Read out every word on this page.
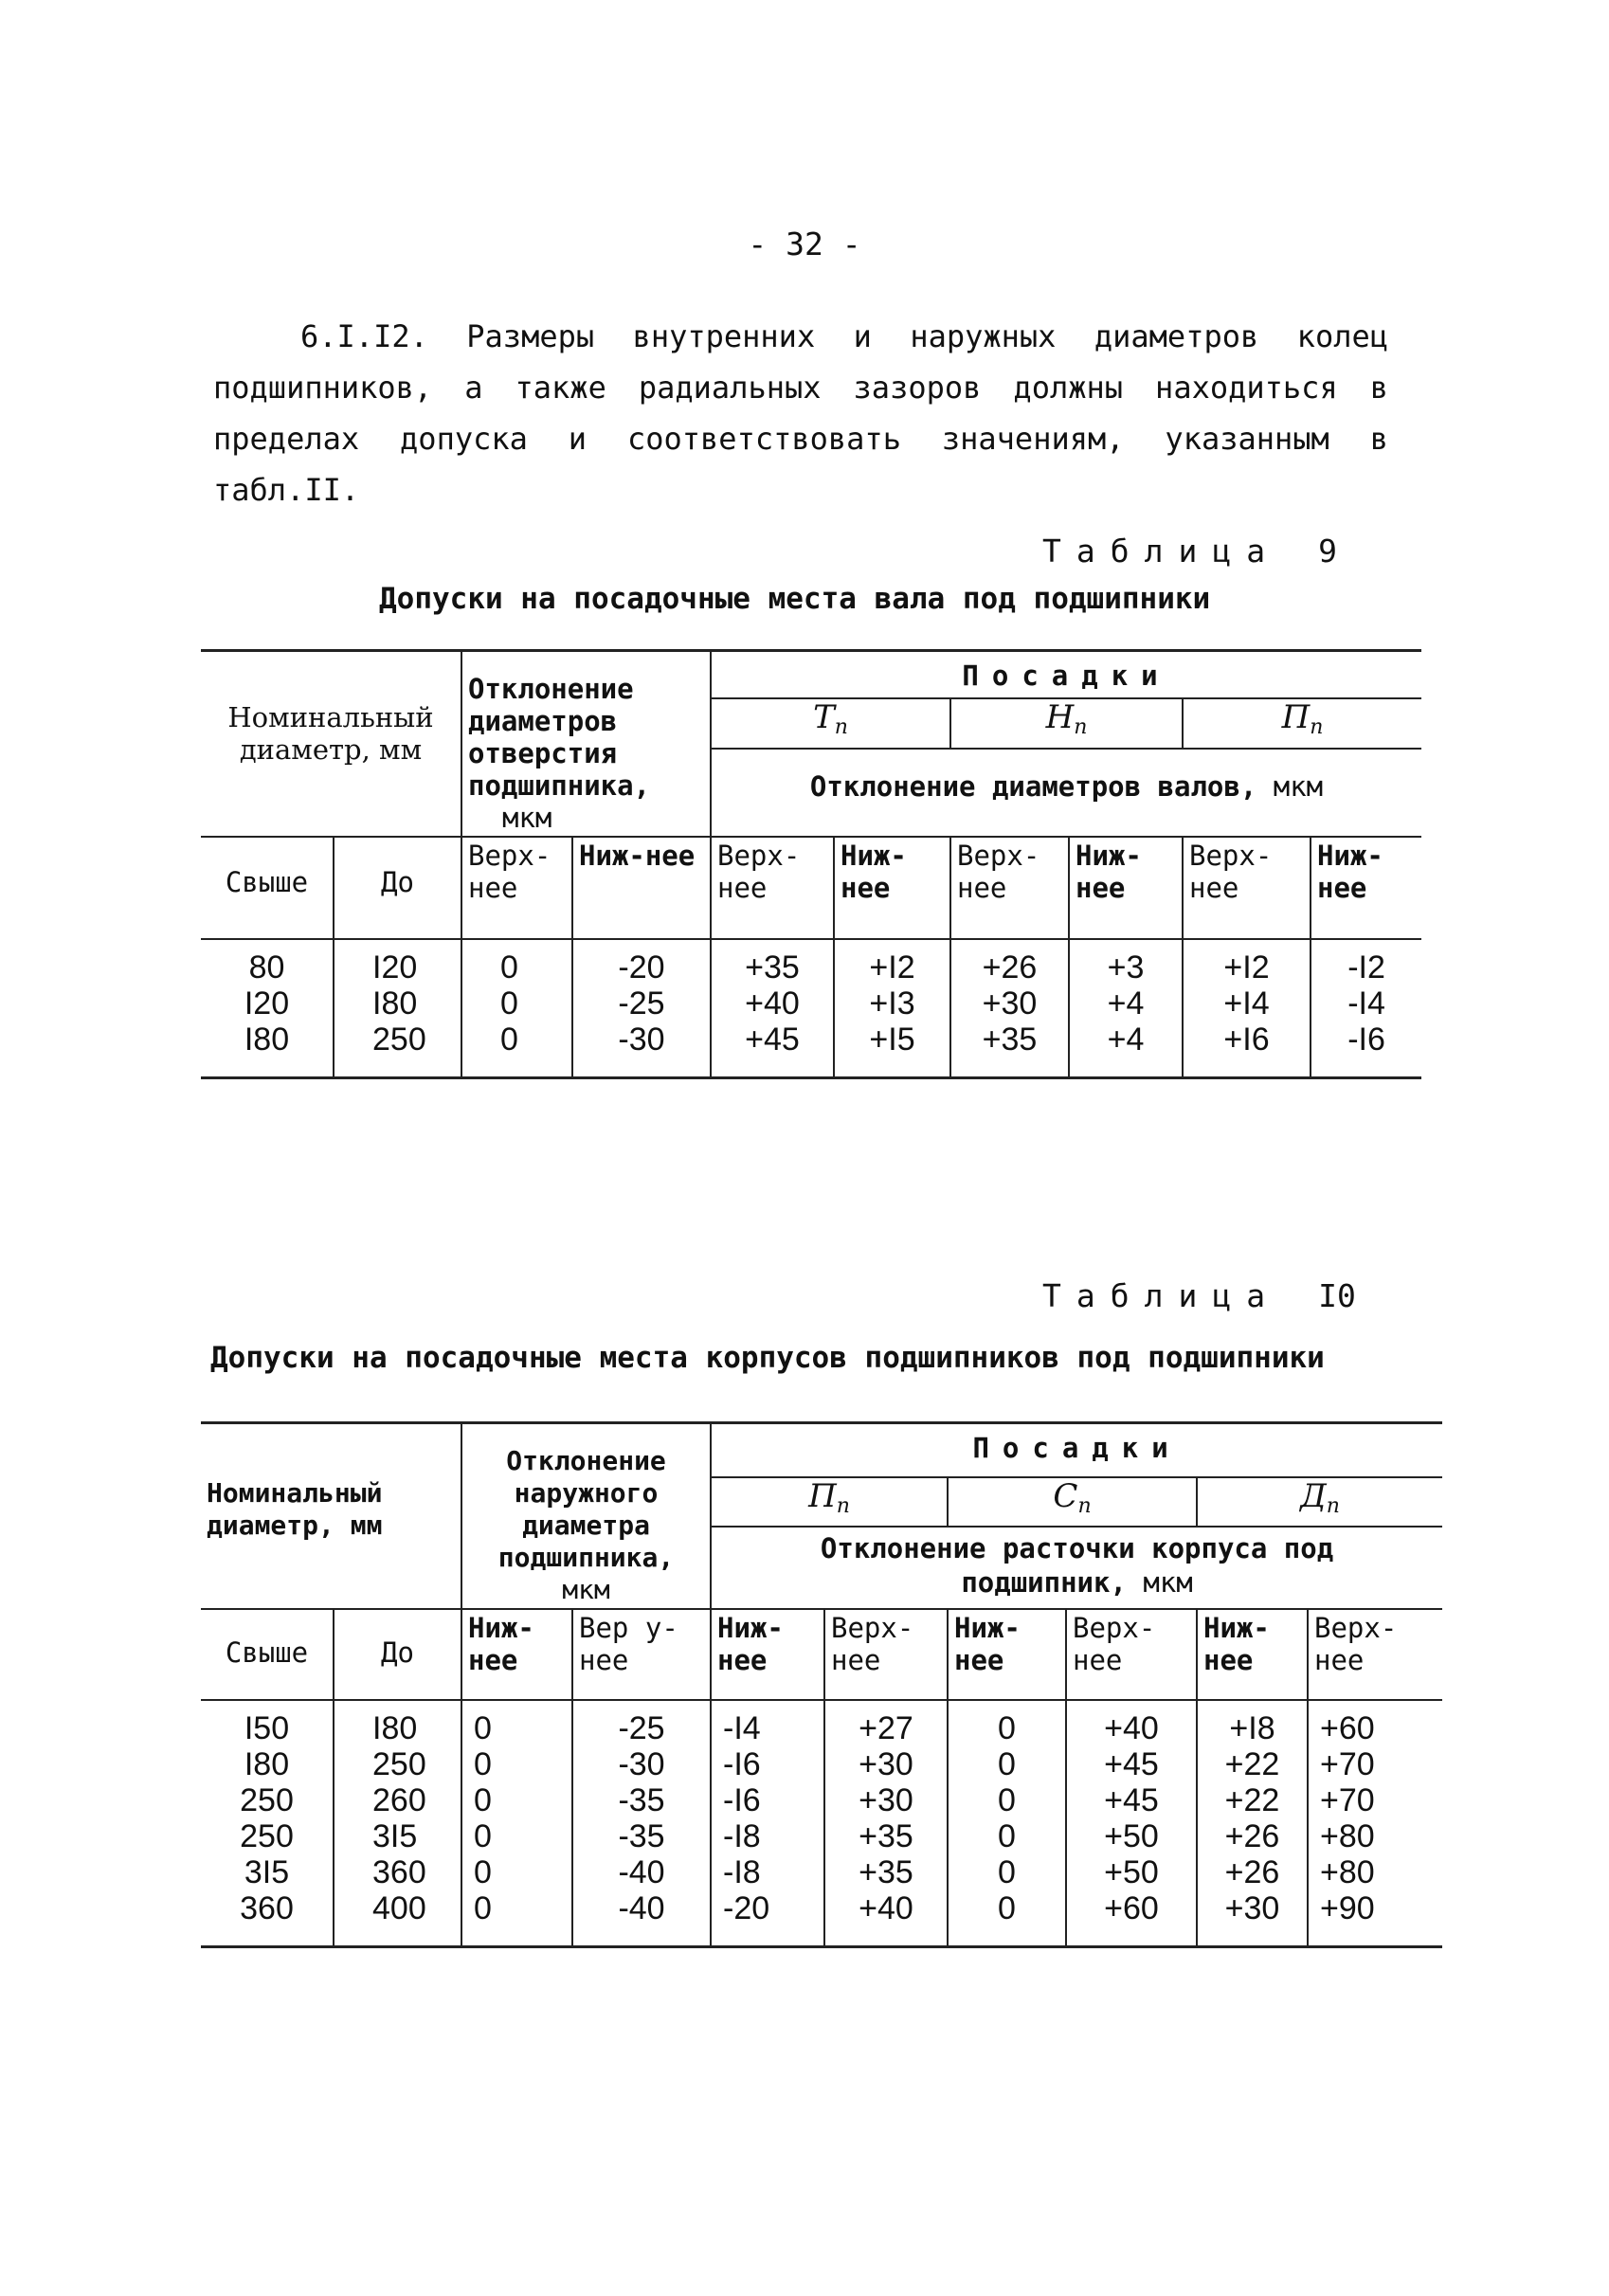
- 32 -
6.I.I2. Размеры внутренних и наружных диаметров колец подшипников, а также радиальных зазоров должны находиться в пределах допуска и соответствовать значениям, указанным в табл.II.
Таблица 9
Допуски на посадочные места вала под подшипники
Номинальный диаметр, мм		Отклонение диаметров отверстия подшипника,
мкм		Посадки					
				$T_п$		$H_п$		$П_п$
				Отклонение диаметров валов, мкм					
Свыше	До	Верх-нее	Ниж-нее	Верх-нее	Ниж-нее	Верх-нее	Ниж-нее	Верх-нее	Ниж-нее
80	I20	0	-20	+35	+I2	+26	+3	+I2	-I2
I20	I80	0	-25	+40	+I3	+30	+4	+I4	-I4
I80	250	0	-30	+45	+I5	+35	+4	+I6	-I6
Таблица I0
Допуски на посадочные места корпусов подшипников под подшипники
Номинальный диаметр, мм		Отклонение наружного диаметра подшипника,
мкм		Посадки					
				$П_п$		$С_п$		$Д_п$
				Отклонение расточки корпуса под подшипник, мкм					
Свыше	До	Ниж-нее	Вер у-нее	Ниж-нее	Верх-нее	Ниж-нее	Верх-нее	Ниж-нее	Верх-нее
I50	I80	0	-25	-I4	+27	0	+40	+I8	+60
I80	250	0	-30	-I6	+30	0	+45	+22	+70
250	260	0	-35	-I6	+30	0	+45	+22	+70
250	3I5	0	-35	-I8	+35	0	+50	+26	+80
3I5	360	0	-40	-I8	+35	0	+50	+26	+80
360	400	0	-40	-20	+40	0	+60	+30	+90
